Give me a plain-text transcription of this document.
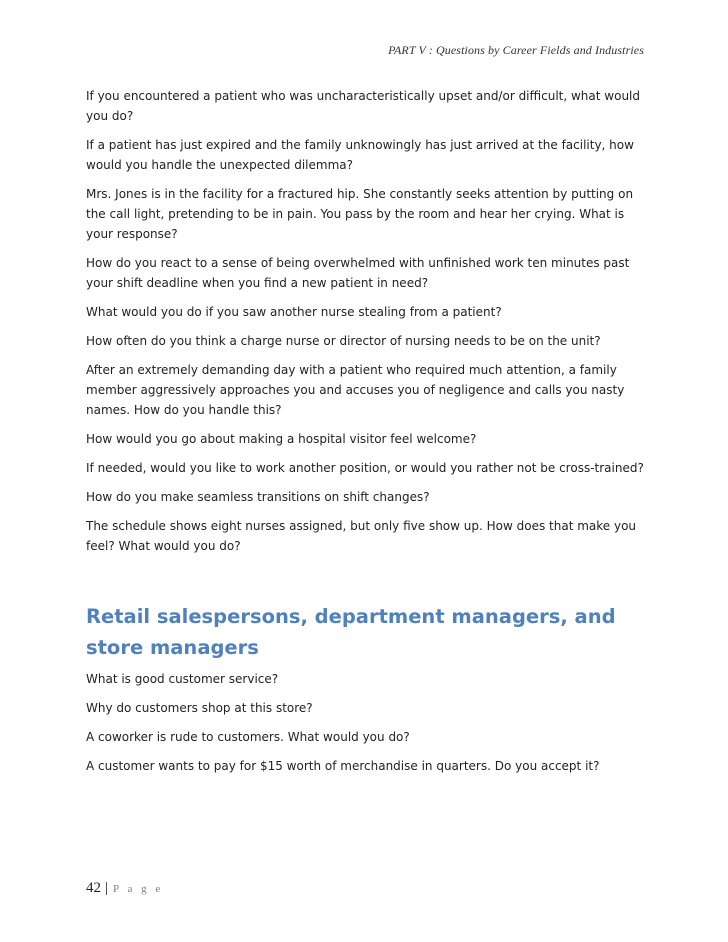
PART V : Questions by Career Fields and Industries

If you encountered a patient who was uncharacteristically upset and/or difficult, what would you do?

If a patient has just expired and the family unknowingly has just arrived at the facility, how would you handle the unexpected dilemma?

Mrs. Jones is in the facility for a fractured hip. She constantly seeks attention by putting on the call light, pretending to be in pain. You pass by the room and hear her crying. What is your response?

How do you react to a sense of being overwhelmed with unfinished work ten minutes past your shift deadline when you find a new patient in need?

What would you do if you saw another nurse stealing from a patient?

How often do you think a charge nurse or director of nursing needs to be on the unit?

After an extremely demanding day with a patient who required much attention, a family member aggressively approaches you and accuses you of negligence and calls you nasty names. How do you handle this?

How would you go about making a hospital visitor feel welcome?

If needed, would you like to work another position, or would you rather not be cross-trained?

How do you make seamless transitions on shift changes?

The schedule shows eight nurses assigned, but only five show up. How does that make you feel? What would you do?

Retail salespersons, department managers, and store managers

What is good customer service?

Why do customers shop at this store?

A coworker is rude to customers. What would you do?

A customer wants to pay for $15 worth of merchandise in quarters. Do you accept it?

42 | P a g e
